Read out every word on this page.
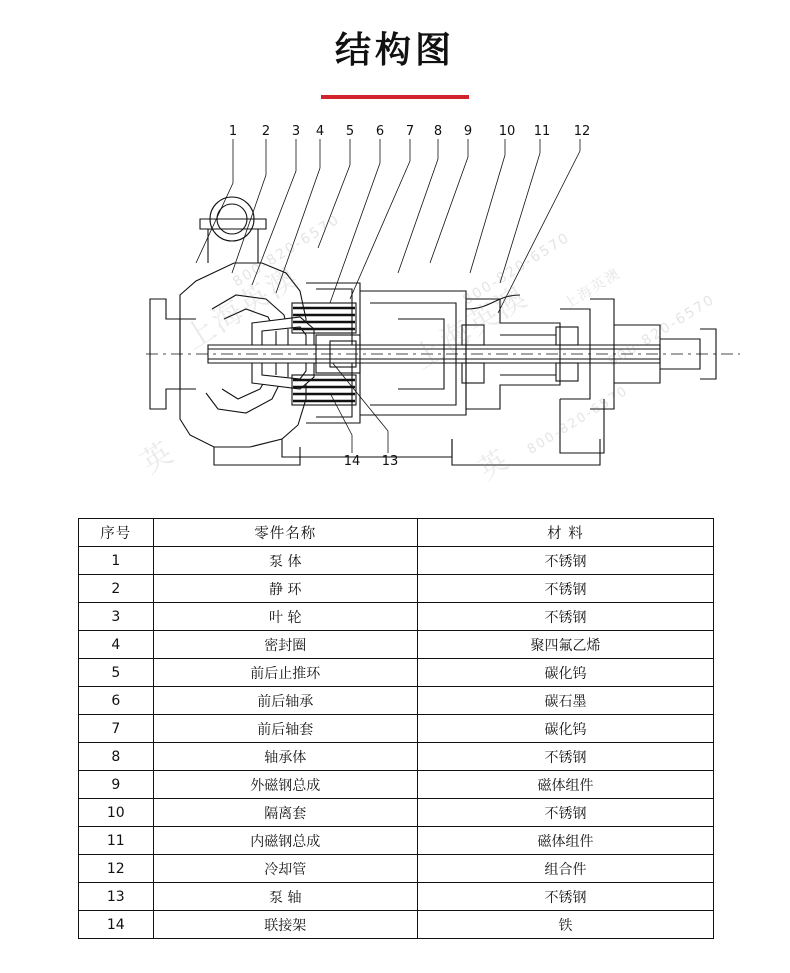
结构图
1 2 3 4 5 6 7 8 9 10 11 12
14 13
上海英澳
800-820-6570
上海英澳
800-820-6570
英
上海英澳
800-820-6570
英
800-820-6570
序号	零件名称	材 料
1	泵 体	不锈钢
2	静 环	不锈钢
3	叶 轮	不锈钢
4	密封圈	聚四氟乙烯
5	前后止推环	碳化钨
6	前后轴承	碳石墨
7	前后轴套	碳化钨
8	轴承体	不锈钢
9	外磁钢总成	磁体组件
10	隔离套	不锈钢
11	内磁钢总成	磁体组件
12	冷却管	组合件
13	泵 轴	不锈钢
14	联接架	铁
